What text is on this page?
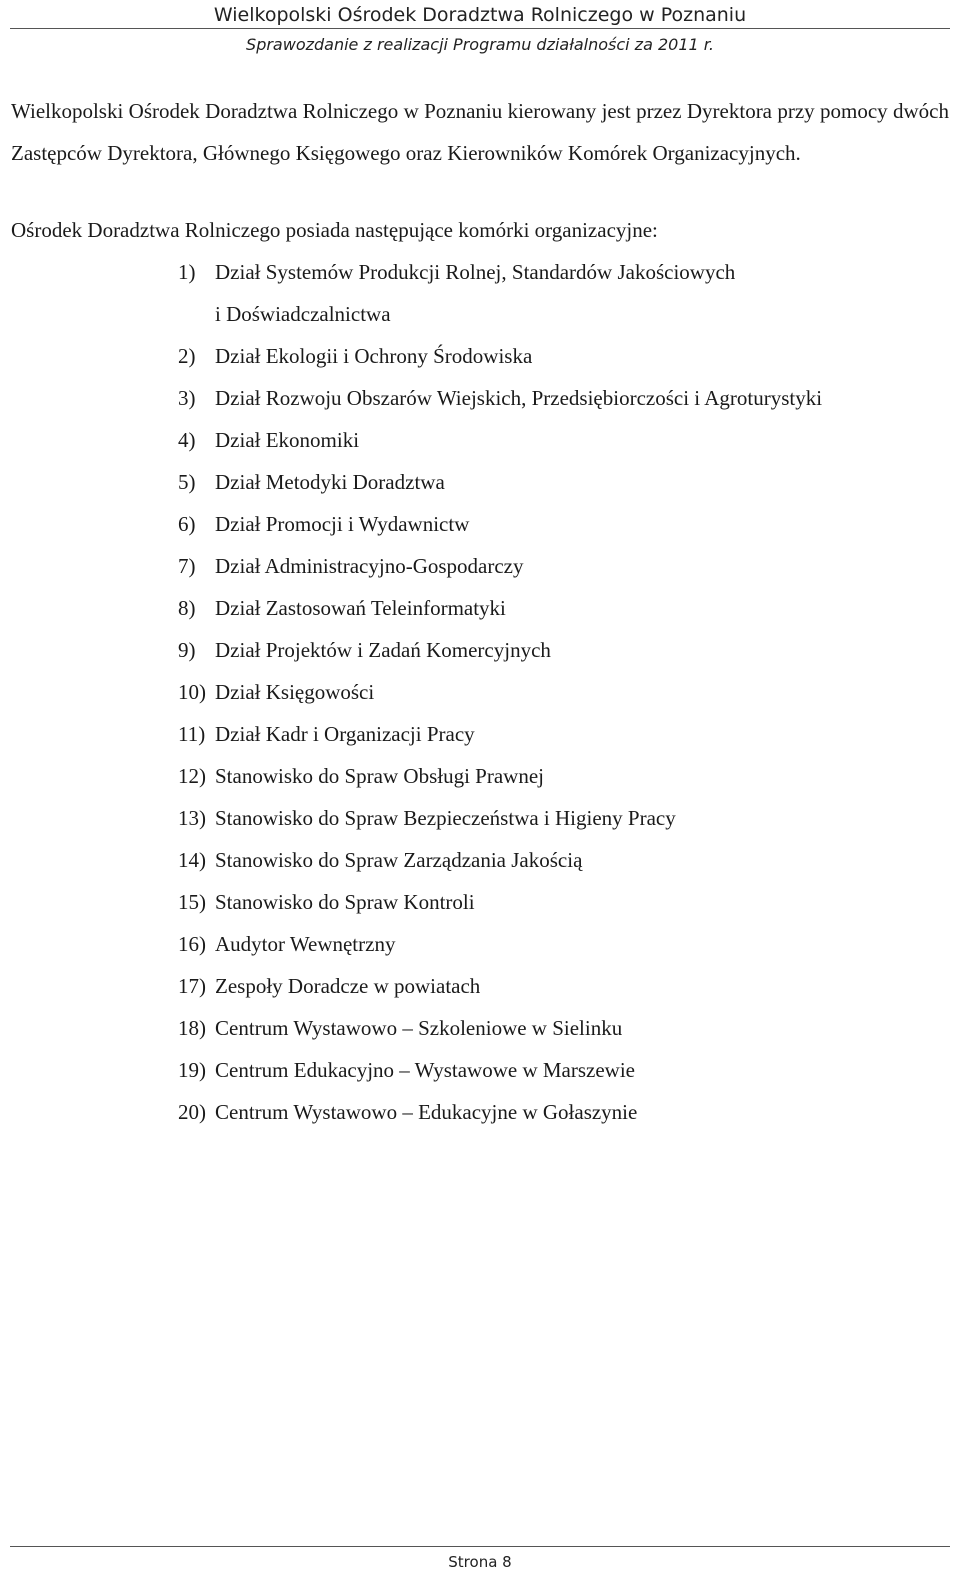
Wielkopolski Ośrodek Doradztwa Rolniczego w Poznaniu
Sprawozdanie z realizacji Programu działalności za 2011 r.

Wielkopolski Ośrodek Doradztwa Rolniczego w Poznaniu kierowany jest przez Dyrektora przy pomocy dwóch Zastępców Dyrektora, Głównego Księgowego oraz Kierowników Komórek Organizacyjnych.

Ośrodek Doradztwa Rolniczego posiada następujące komórki organizacyjne:

1) Dział Systemów Produkcji Rolnej, Standardów Jakościowych
i Doświadczalnictwa
2) Dział Ekologii i Ochrony Środowiska
3) Dział Rozwoju Obszarów Wiejskich, Przedsiębiorczości i Agroturystyki
4) Dział Ekonomiki
5) Dział Metodyki Doradztwa
6) Dział Promocji i Wydawnictw
7) Dział Administracyjno-Gospodarczy
8) Dział Zastosowań Teleinformatyki
9) Dział Projektów i Zadań Komercyjnych
10) Dział Księgowości
11) Dział Kadr i Organizacji Pracy
12) Stanowisko do Spraw Obsługi Prawnej
13) Stanowisko do Spraw Bezpieczeństwa i Higieny Pracy
14) Stanowisko do Spraw Zarządzania Jakością
15) Stanowisko do Spraw Kontroli
16) Audytor Wewnętrzny
17) Zespoły Doradcze w powiatach
18) Centrum Wystawowo – Szkoleniowe w Sielinku
19) Centrum Edukacyjno – Wystawowe w Marszewie
20) Centrum Wystawowo – Edukacyjne w Gołaszynie
Strona 8
